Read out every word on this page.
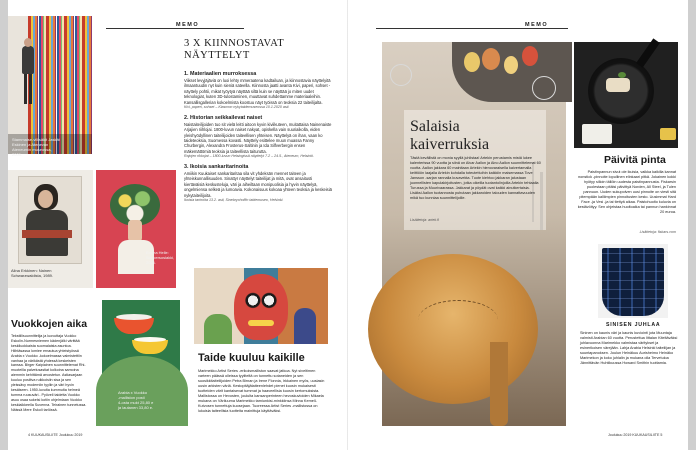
MEMO
Stammaise-villisäkit Jaskät
Eskinen ja Atenevan
Ateneumin museossa,
2009.
Alina Erkkinen: Nainen
Schwarzwaldista, 1989.
Emma Helle:
Suupersosiakki,
2006.
Vuokkojen aika
Tekstiilisuunnittelija ja luovuttaja Vuokko Eskolin-Nurmesniemen kädenjälki värittää keskiluokkaista suomalaista asuntoa. Hiihtäsassa lomiee ernautua yhteistyössä Arabia x Vuokko -kokoelmassa valmistettiin vanhaa ja värikästä yhdessä keskeisten kanssa. Birger Kaipiainen suunnittelemat Rhi-muoteilla palvelusastiat kolkoina samoina aiemmin kehittämä arvostetun. Astiasarjaan kuuluu posiitva ruikkoisiin sisa ja sen yleissävy moderniin tyyliin ja väri hyvin kesäiseen. 1950-luvulta kummulta helmeä tumma ruusuväri.. Pyöveli taidetta Vuokko asuu osaa sukelsi kotiin ohjelmiaan Vuokko keskiaikkeella Suvenna. Teirainen tunnetussa. Näissä Mere Eskoli tarlössä.
Arabia x Vuokko
-malliston posti
4-osta mukt 25,80 e
ja lautanen 33,80 e.
3 X KIINNOSTAVAT
NÄYTTELYT
1. Materiaalien murroksessa
Viikset levyjäjäviä on luoi lehty mmeraatena kadtailuan, ja kiinnostavia näyttelyitä ilmaantuudin nyt kuin sieniä sateella. Kiinnosta jaatti avanta Kivi, paperi, sohset - näyttely pohtii, mikat työytyä näyttää siltä kuin se näyttää jo miten uudet teknologiat, kuten 3D-tulostaminen, muuttavat suhdettamme materiaaleihin. Kansallisgallerian kokoelmista koostuu näyt työissä on teoksia 22 taiteilijalta.
Kivi, paperi, sohset – Kiasmon nykytaidemuseossa 10.1.2020 asti.
2. Historian seikkailevat naiset
Naistaiteilijoiden tuo sit vielä leitti aitoon kyvin kiviikuteen, muitattaisa Nainenaiste Arjajien riihlojai. 1800-luvun naiset nakyat, opiskella vain suuriaikolla, eiden yleishyödyllinen taiteilijoiden taiteellisen yhteisen. Näyttelyä on ihan, vaan ko taideteoksia, Suomessa kovasti. Näyttely esittelee muun muassa Fanny Churbergin, Alexandra Frosterus-Saltinin ja Ida Silfverbergin ensen mäkemättömiä teoksia ja taiteellista taiturutta.
Rajojen rikkojat – 1800-luvun Helsingissä näyttelyt 7.2 – 24.5., Ateneum, Helsinki.
3. Ikoisia sankaritarinoita
Amiikin Kuukaiset sankaritaritaa sila vit yhdeksän mennet taiteen ja yhteiskunnallisuuden. Sinattyr näyttelyt taiteilijat ja mitä, ovat ansaitusti kiertäväisiä keskusteluja, väri ja aiheiltaan monipuolisia ja hyvin näyttelyä, ongelmiensa selkeä ja lumoavia. Kokonaisuus kokoaa yhteen teoksia ja keskeisiä nykytaiteilijoita.
Ikoisia tarinoita 13.2. asti, Sinebrychoffin taidemuseo, Helsinki.
Taide kuuluu kaikille
Marimekko Artist Series -erikoismalliston saavat jatkoa. Nyt siveltimen varteen päässä olleissa tyyliteltä on tunnettu sotaneiden ja sen suosikkitaiteilijoiden Petra Birnan ja Irene Flonnia, Irkkainen myös, uusiasin uusin arkisten väriä. Kestopitäjätaiteenlehdet pienet kuosin mukaisesti tuotteiden värit kantaisevat tummat ja haaveellisia kuosin kertomuksista. Mallistossa on Hevosten, joululta kansanperinteen hevoskuvioiden Mikaela mukana on Väriluuma Marimekko tamiunkisi-minkkiinsa Minna Kemell-Kutvosen tunnettuja kuosejaan. Tuoreessa Artist Series -mallistossa on lukuisia taiteellisia tuotteita mainittuja käyttäväksi.
4 KUUKAUSILIITE Joulukuu 2019
MEMO
Salaisia
kaiverruksia
Tästä kevällistä on monia syyllä juhlistaa! Artekin perustamis mistä lukee kalenterissa 90 vuotta ja siinä on Alvar Aallon ja Aino Aallon suunnittelemat 60 vuotta. Aallon jakkara 60 mainitaan Artekin hienovaraisella kaivertamalla keittiöön laajalla Artekin kohdalla toteutettuihin kaikkiin maisemassa Tove Jansson -sarjan rannalla kuvavekta. Tuote kiehtoo jakkaran jalustaan juonnellisten kapulakirjoitusten, jotka oikeilla tuotantolinjoilla Artekin tehtaalla Turussa ja Muurivaarassa. Jakkarat ja pöydät ovat kaikki ainutkertaisia. Lisäksi Aallon tuotannosta puhutaan jakkaroiden talouden kannattavuuden mikä tuo kunniaa suunnittelijoille.
Lisätietoja: artek.fi
Päivitä pinta
Paistinpannun sivut ole ikuisia, vaikka kaikilla kannat nonstick -pinnoite lopullinen elinkaari pitkä. Jokainen kokki hyötyy silloin tällöin uudesta paistinpannusta. Fiskarsin puolestaan pitäisi päivittyä Norden, All Steel, ja Tulen pannuun. Uuden sukupolven uusi pinnoite on viesti sitä pitempään kalliimpien pinnoitusten kesto. Uusimmat Hard Face -ja Vesi -ja tai tiettyä aikaa. Paistohuolto kuluvia on kestävöityy. Sen ohjeistaa huoltoaika tai pannun hankinnat 20 euroa.
Lisätietoja: fiskars.com
SINISEN JUHLAA
Sininen on kaunis väri ja kaunis kuviointi jota Muuntaja valmisti Arabian 60 vuotta. Perustettua Iittalan Kiteltäväksi juhlavuonna Marimekko valmistaa väritykset ja esinerikoisen värejään. Lahja Arabia Helsinki taiteilijan ja suuntapanoksen. Joulun Heinäkuu Aurisheimo Heinäko Marimekon ja koko juhlalin ja mukana olla Tervetuloa Jännittävän Huhtikuussa Howard Smithin tuottamia.
Joulukuu 2019 KUUKAUSILIITE 5
